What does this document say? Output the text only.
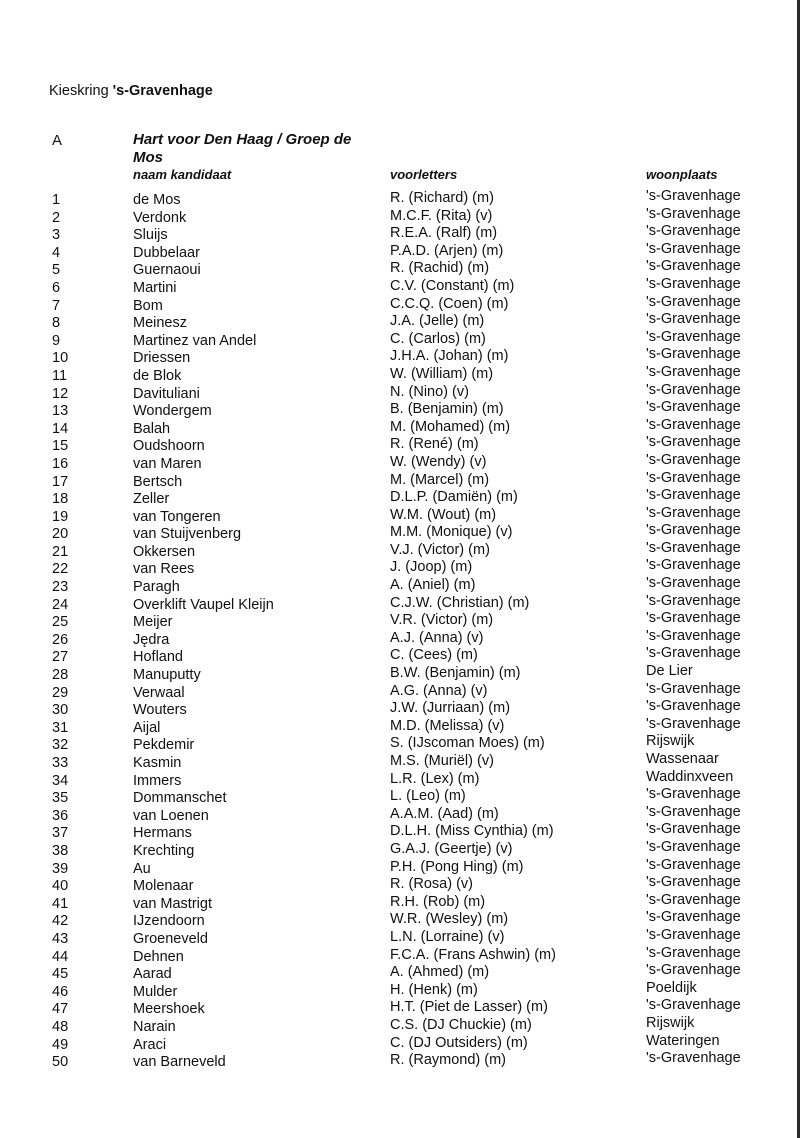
Kieskring 's-Gravenhage
A	Hart voor Den Haag / Groep de Mos
naam kandidaat	voorletters	woonplaats
1	de Mos	R. (Richard) (m)	's-Gravenhage
2	Verdonk	M.C.F. (Rita) (v)	's-Gravenhage
3	Sluijs	R.E.A. (Ralf) (m)	's-Gravenhage
4	Dubbelaar	P.A.D. (Arjen) (m)	's-Gravenhage
5	Guernaoui	R. (Rachid) (m)	's-Gravenhage
6	Martini	C.V. (Constant) (m)	's-Gravenhage
7	Bom	C.C.Q. (Coen) (m)	's-Gravenhage
8	Meinesz	J.A. (Jelle) (m)	's-Gravenhage
9	Martinez van Andel	C. (Carlos) (m)	's-Gravenhage
10	Driessen	J.H.A. (Johan) (m)	's-Gravenhage
11	de Blok	W. (William) (m)	's-Gravenhage
12	Davituliani	N. (Nino) (v)	's-Gravenhage
13	Wondergem	B. (Benjamin) (m)	's-Gravenhage
14	Balah	M. (Mohamed) (m)	's-Gravenhage
15	Oudshoorn	R. (René) (m)	's-Gravenhage
16	van Maren	W. (Wendy) (v)	's-Gravenhage
17	Bertsch	M. (Marcel) (m)	's-Gravenhage
18	Zeller	D.L.P. (Damiën) (m)	's-Gravenhage
19	van Tongeren	W.M. (Wout) (m)	's-Gravenhage
20	van Stuijvenberg	M.M. (Monique) (v)	's-Gravenhage
21	Okkersen	V.J. (Victor) (m)	's-Gravenhage
22	van Rees	J. (Joop) (m)	's-Gravenhage
23	Paragh	A. (Aniel) (m)	's-Gravenhage
24	Overklift Vaupel Kleijn	C.J.W. (Christian) (m)	's-Gravenhage
25	Meijer	V.R. (Victor) (m)	's-Gravenhage
26	Jędra	A.J. (Anna) (v)	's-Gravenhage
27	Hofland	C. (Cees) (m)	's-Gravenhage
28	Manuputty	B.W. (Benjamin) (m)	De Lier
29	Verwaal	A.G. (Anna) (v)	's-Gravenhage
30	Wouters	J.W. (Jurriaan) (m)	's-Gravenhage
31	Aijal	M.D. (Melissa) (v)	's-Gravenhage
32	Pekdemir	S. (IJscoman Moes) (m)	Rijswijk
33	Kasmin	M.S. (Muriël) (v)	Wassenaar
34	Immers	L.R. (Lex) (m)	Waddinxveen
35	Dommanschet	L. (Leo) (m)	's-Gravenhage
36	van Loenen	A.A.M. (Aad) (m)	's-Gravenhage
37	Hermans	D.L.H. (Miss Cynthia) (m)	's-Gravenhage
38	Krechting	G.A.J. (Geertje) (v)	's-Gravenhage
39	Au	P.H. (Pong Hing) (m)	's-Gravenhage
40	Molenaar	R. (Rosa) (v)	's-Gravenhage
41	van Mastrigt	R.H. (Rob) (m)	's-Gravenhage
42	IJzendoorn	W.R. (Wesley) (m)	's-Gravenhage
43	Groeneveld	L.N. (Lorraine) (v)	's-Gravenhage
44	Dehnen	F.C.A. (Frans Ashwin) (m)	's-Gravenhage
45	Aarad	A. (Ahmed) (m)	's-Gravenhage
46	Mulder	H. (Henk) (m)	Poeldijk
47	Meershoek	H.T. (Piet de Lasser) (m)	's-Gravenhage
48	Narain	C.S. (DJ Chuckie) (m)	Rijswijk
49	Araci	C. (DJ Outsiders) (m)	Wateringen
50	van Barneveld	R. (Raymond) (m)	's-Gravenhage
